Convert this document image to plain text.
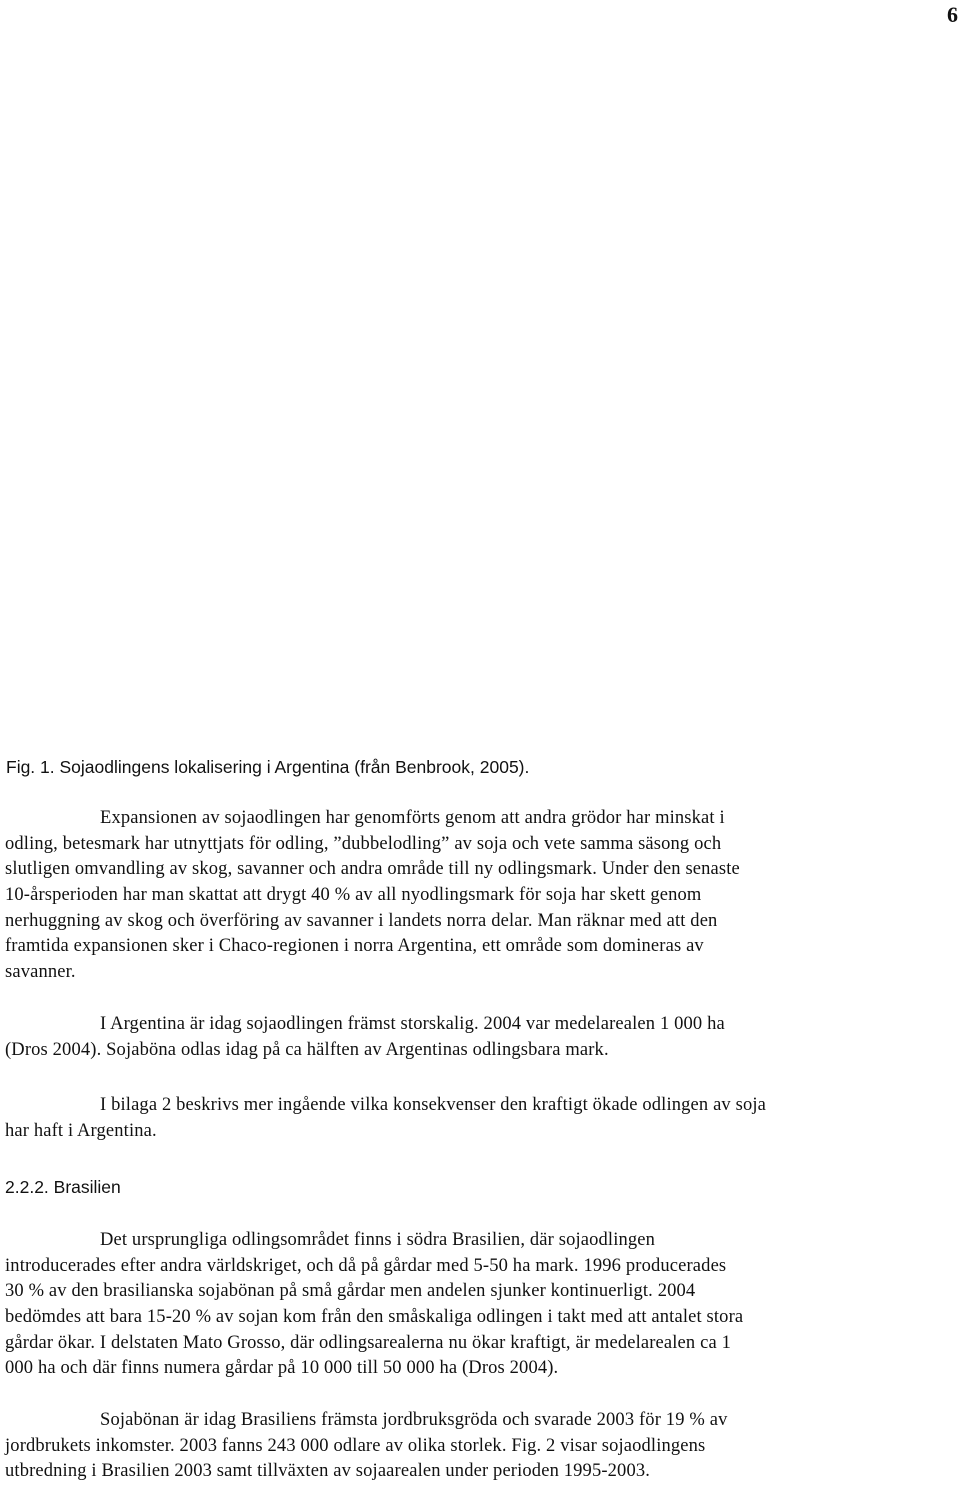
6
Fig. 1. Sojaodlingens lokalisering i Argentina (från Benbrook, 2005).
Expansionen av sojaodlingen har genomförts genom att andra grödor har minskat i
odling, betesmark har utnyttjats för odling, ”dubbelodling” av soja och vete samma säsong och
slutligen omvandling av skog, savanner och andra område till ny odlingsmark. Under den senaste
10-årsperioden har man skattat att drygt 40 % av all nyodlingsmark för soja har skett genom
nerhuggning av skog och överföring av savanner i landets norra delar. Man räknar med att den
framtida expansionen sker i Chaco-regionen i norra Argentina, ett område som domineras av
savanner.
I Argentina är idag sojaodlingen främst storskalig. 2004 var medelarealen 1 000 ha
(Dros 2004). Sojaböna odlas idag på ca hälften av Argentinas odlingsbara mark.
I bilaga 2 beskrivs mer ingående vilka konsekvenser den kraftigt ökade odlingen av soja
har haft i Argentina.
2.2.2. Brasilien
Det ursprungliga odlingsområdet finns i södra Brasilien, där sojaodlingen
introducerades efter andra världskriget, och då på gårdar med 5-50 ha mark. 1996 producerades
30 % av den brasilianska sojabönan på små gårdar men andelen sjunker kontinuerligt. 2004
bedömdes att bara 15-20 % av sojan kom från den småskaliga odlingen i takt med att antalet stora
gårdar ökar. I delstaten Mato Grosso, där odlingsarealerna nu ökar kraftigt, är medelarealen ca 1
000 ha och där finns numera gårdar på 10 000 till 50 000 ha (Dros 2004).
Sojabönan är idag Brasiliens främsta jordbruksgröda och svarade 2003 för 19 % av
jordbrukets inkomster. 2003 fanns 243 000 odlare av olika storlek. Fig. 2 visar sojaodlingens
utbredning i Brasilien 2003 samt tillväxten av sojaarealen under perioden 1995-2003.
